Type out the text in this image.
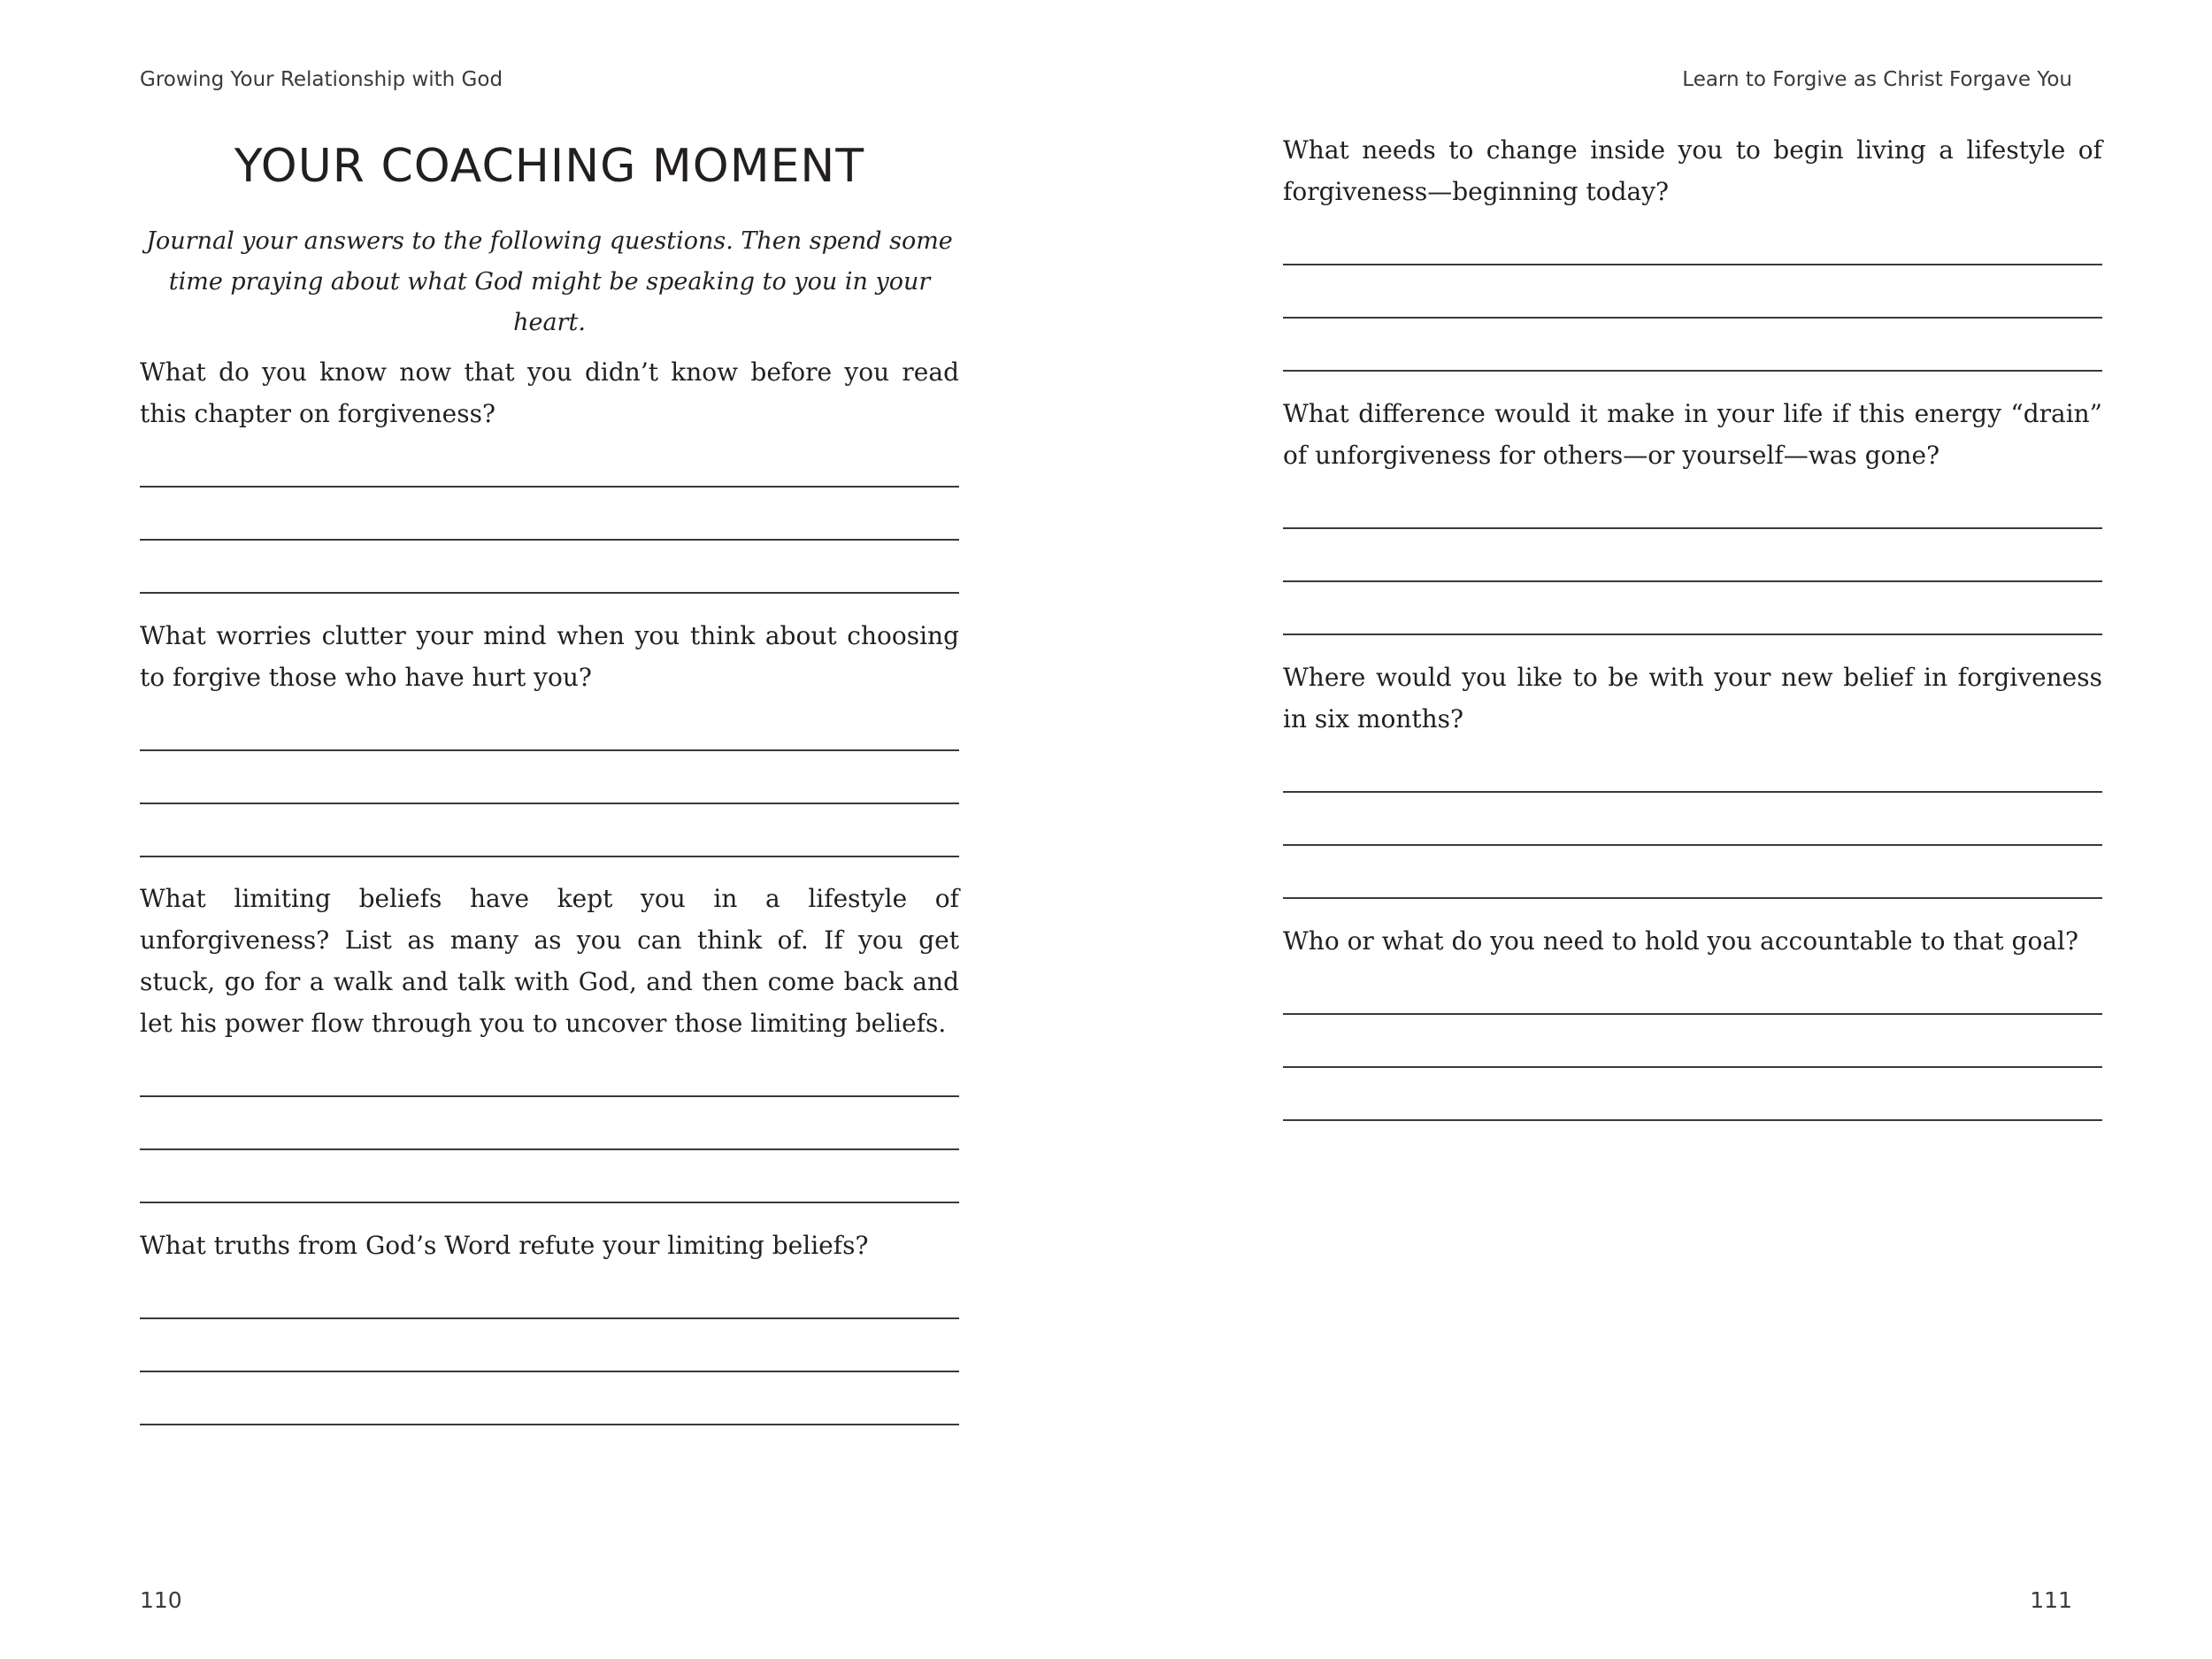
Growing Your Relationship with God
YOUR COACHING MOMENT
Journal your answers to the following questions. Then spend some time praying about what God might be speaking to you in your heart.

What do you know now that you didn’t know before you read this chapter on forgiveness?

What worries clutter your mind when you think about choosing to forgive those who have hurt you?

What limiting beliefs have kept you in a lifestyle of unforgiveness? List as many as you can think of. If you get stuck, go for a walk and talk with God, and then come back and let his power flow through you to uncover those limiting beliefs.

What truths from God’s Word refute your limiting beliefs?

110
Learn to Forgive as Christ Forgave You

What needs to change inside you to begin living a lifestyle of forgiveness—beginning today?

What difference would it make in your life if this energy “drain” of unforgiveness for others—or yourself—was gone?

Where would you like to be with your new belief in forgiveness in six months?

Who or what do you need to hold you accountable to that goal?

111
